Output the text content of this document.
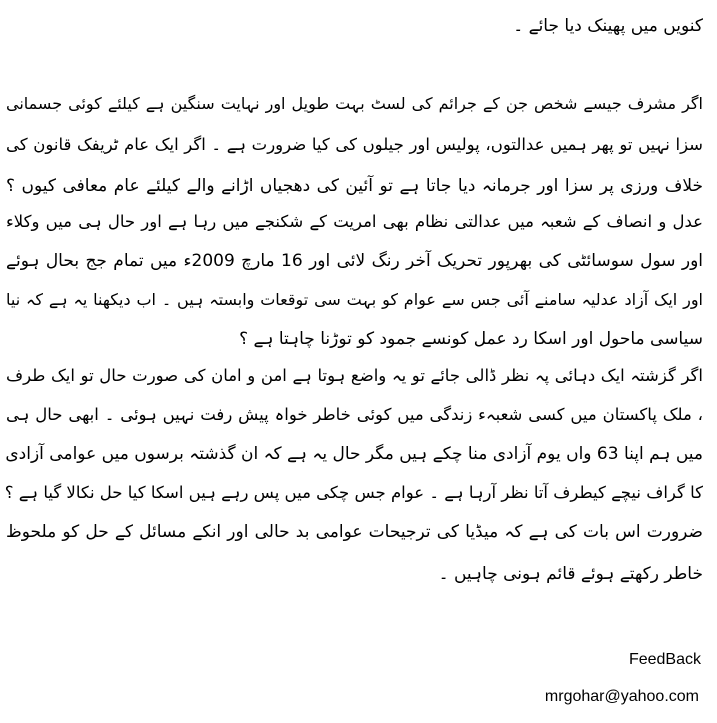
کنویں میں پھینک دیا جائے ۔
اگر مشرف جیسے شخص جن کے جرائم کی لسٹ بہت طویل اور نہایت سنگین ہے کیلئے کوئی جسمانی
سزا نہیں تو پھر ہمیں عدالتوں، پولیس اور جیلوں کی کیا ضرورت ہے ۔ اگر ایک عام ٹریفک قانون کی
خلاف ورزی پر سزا اور جرمانہ دیا جاتا ہے تو آئین کی دھجیاں اڑانے والے کیلئے عام معافی کیوں ؟
عدل و انصاف کے شعبہ میں عدالتی نظام بھی امریت کے شکنجے میں رہا ہے اور حال ہی میں وکلاء
اور سول سوسائٹی کی بھرپور تحریک آخر رنگ لائی اور 16 مارچ 2009ء میں تمام جج بحال ہوئے
اور ایک آزاد عدلیہ سامنے آئی جس سے عوام کو بہت سی توقعات وابستہ ہیں ۔ اب دیکھنا یہ ہے کہ نیا
سیاسی ماحول اور اسکا رد عمل کونسے جمود کو توڑنا چاہتا ہے ؟
اگر گزشتہ ایک دہائی پہ نظر ڈالی جائے تو یہ واضع ہوتا ہے امن و امان کی صورت حال تو ایک طرف
، ملک پاکستان میں کسی شعبہء زندگی میں کوئی خاطر خواہ پیش رفت نہیں ہوئی ۔ ابھی حال ہی
میں ہم اپنا 63 واں یوم آزادی منا چکے ہیں مگر حال یہ ہے کہ ان گذشتہ برسوں میں عوامی آزادی
کا گراف نیچے کیطرف آتا نظر آرہا ہے ۔ عوام جس چکی میں پس رہے ہیں اسکا کیا حل نکالا گیا ہے ؟
ضرورت اس بات کی ہے کہ میڈیا کی ترجیحات عوامی بد حالی اور انکے مسائل کے حل کو ملحوظ
خاطر رکھتے ہوئے قائم ہونی چاہیں ۔
FeedBack
mrgohar@yahoo.com
